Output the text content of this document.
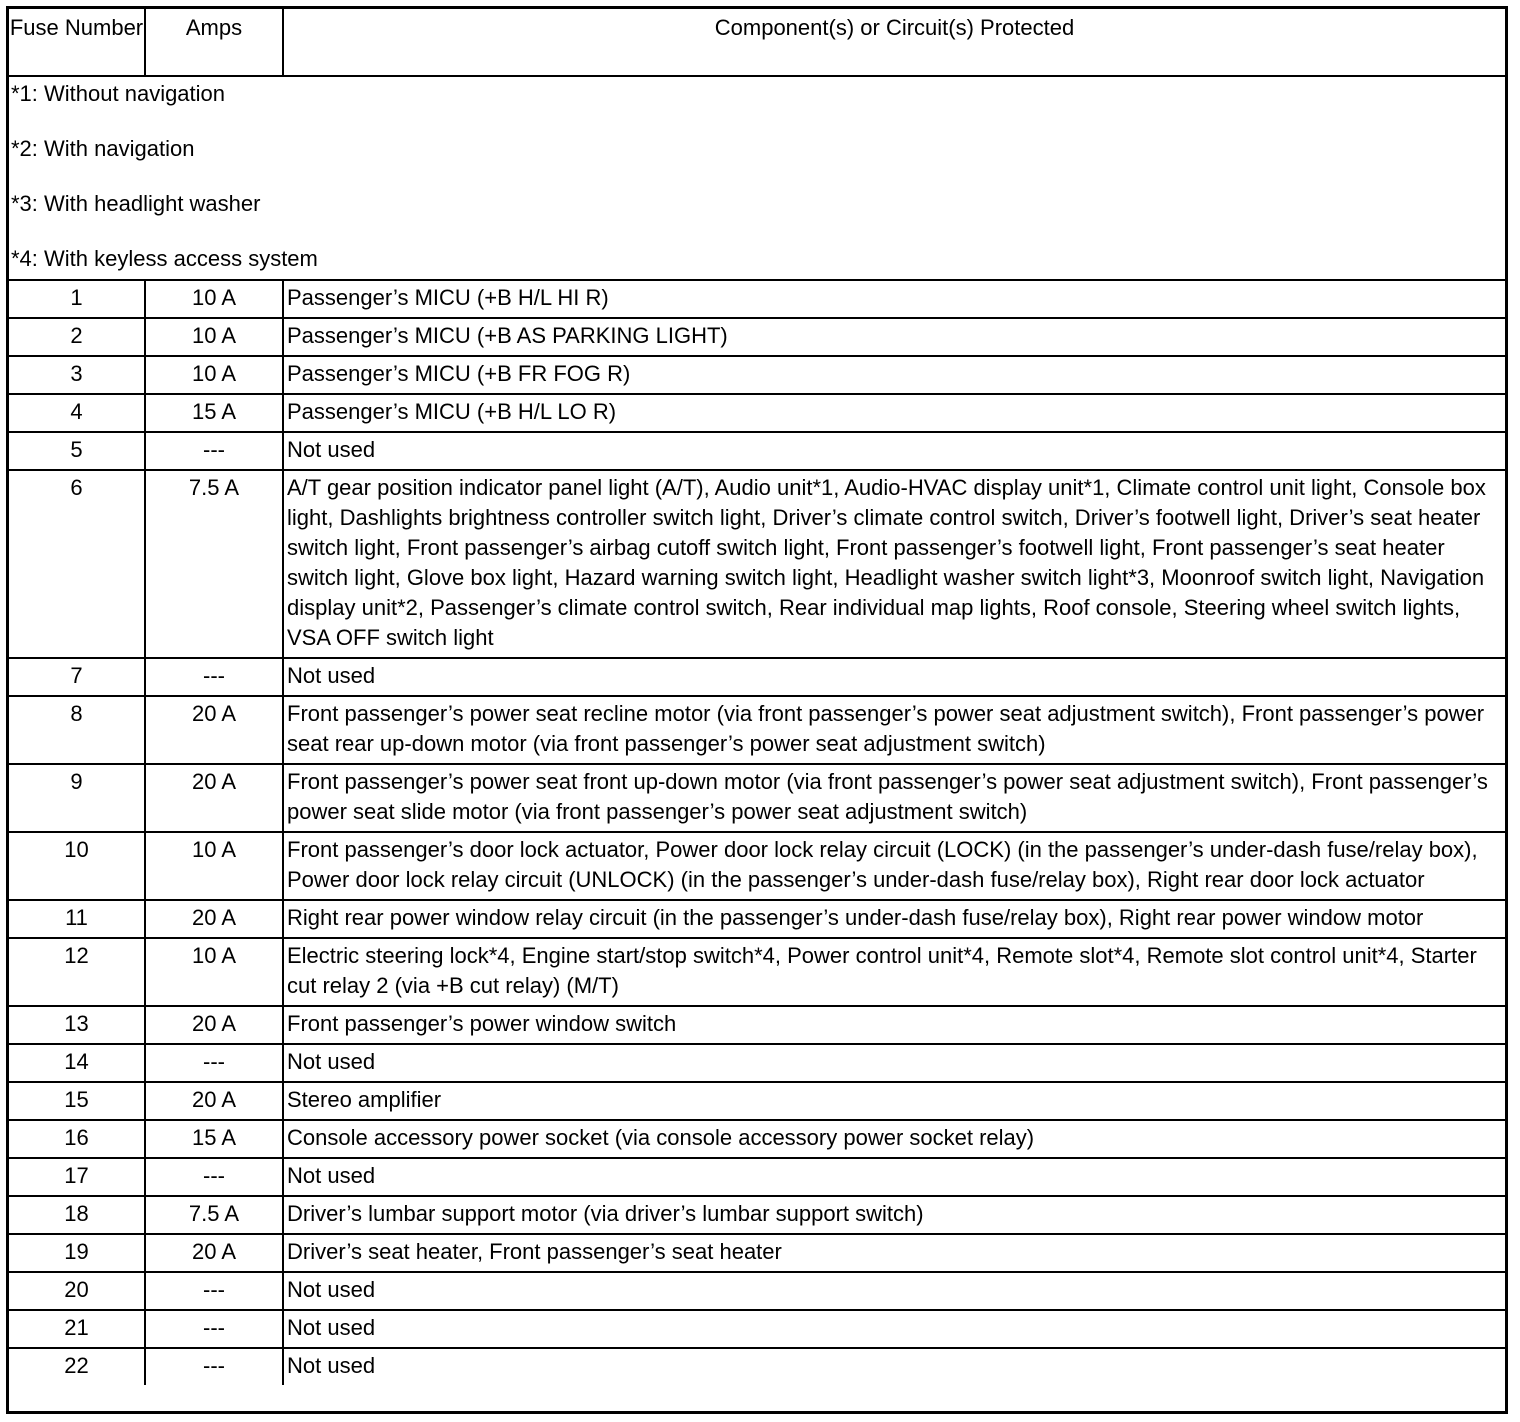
Fuse Number	Amps	Component(s) or Circuit(s) Protected

*1: Without navigation
*2: With navigation
*3: With headlight washer
*4: With keyless access system		

1	10 A	Passenger’s MICU (+B H/L HI R)
2	10 A	Passenger’s MICU (+B AS PARKING LIGHT)
3	10 A	Passenger’s MICU (+B FR FOG R)
4	15 A	Passenger’s MICU (+B H/L LO R)
5	---	Not used
6	7.5 A	A/T gear position indicator panel light (A/T), Audio unit*1, Audio-HVAC display unit*1, Climate control unit light, Console box light, Dashlights brightness controller switch light, Driver’s climate control switch, Driver’s footwell light, Driver’s seat heater switch light, Front passenger’s airbag cutoff switch light, Front passenger’s footwell light, Front passenger’s seat heater switch light, Glove box light, Hazard warning switch light, Headlight washer switch light*3, Moonroof switch light, Navigation display unit*2, Passenger’s climate control switch, Rear individual map lights, Roof console, Steering wheel switch lights, VSA OFF switch light
7	---	Not used
8	20 A	Front passenger’s power seat recline motor (via front passenger’s power seat adjustment switch), Front passenger’s power seat rear up-down motor (via front passenger’s power seat adjustment switch)
9	20 A	Front passenger’s power seat front up-down motor (via front passenger’s power seat adjustment switch), Front passenger’s power seat slide motor (via front passenger’s power seat adjustment switch)
10	10 A	Front passenger’s door lock actuator, Power door lock relay circuit (LOCK) (in the passenger’s under-dash fuse/relay box), Power door lock relay circuit (UNLOCK) (in the passenger’s under-dash fuse/relay box), Right rear door lock actuator
11	20 A	Right rear power window relay circuit (in the passenger’s under-dash fuse/relay box), Right rear power window motor
12	10 A	Electric steering lock*4, Engine start/stop switch*4, Power control unit*4, Remote slot*4, Remote slot control unit*4, Starter cut relay 2 (via +B cut relay) (M/T)
13	20 A	Front passenger’s power window switch
14	---	Not used
15	20 A	Stereo amplifier
16	15 A	Console accessory power socket (via console accessory power socket relay)
17	---	Not used
18	7.5 A	Driver’s lumbar support motor (via driver’s lumbar support switch)
19	20 A	Driver’s seat heater, Front passenger’s seat heater
20	---	Not used
21	---	Not used
22	---	Not used
